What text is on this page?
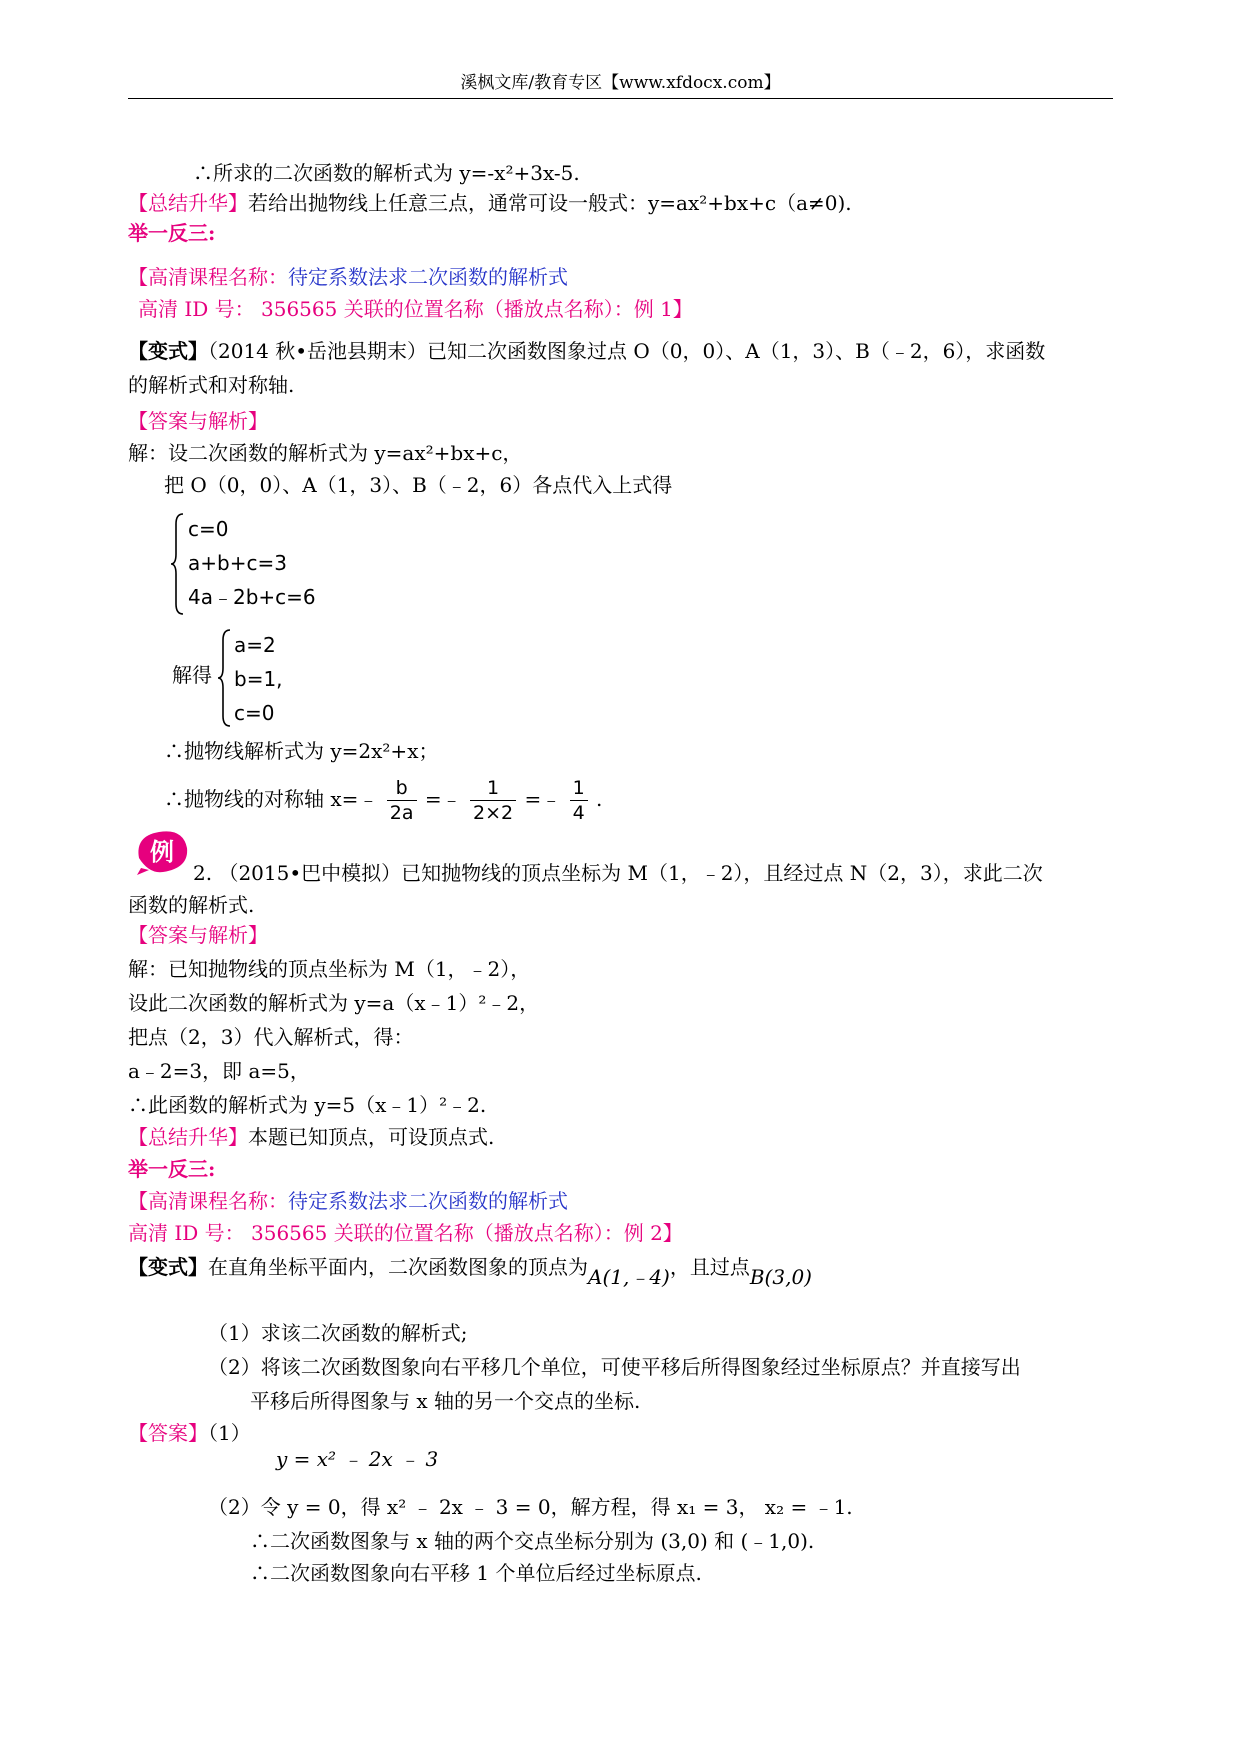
溪枫文库/教育专区【www.xfdocx.com】
∴所求的二次函数的解析式为 y=-x²+3x-5.
【总结升华】若给出抛物线上任意三点，通常可设一般式：y=ax²+bx+c（a≠0).
举一反三:
【高清课程名称：待定系数法求二次函数的解析式
高清 ID 号： 356565 关联的位置名称（播放点名称）：例 1】
【变式】（2014 秋•岳池县期末）已知二次函数图象过点 O（0，0）、A（1，3）、B（﹣2，6），求函数
的解析式和对称轴.
【答案与解析】
解：设二次函数的解析式为 y=ax²+bx+c，
把 O（0，0）、A（1，3）、B（﹣2，6）各点代入上式得
c=0
a+b+c=3
4a﹣2b+c=6
解得
a=2
b=1,
c=0
∴抛物线解析式为 y=2x²+x；
∴抛物线的对称轴 x=﹣ $\frac{b}{2a}$ =﹣ $\frac{1}{2\times 2}$ =﹣ $\frac{1}{4}$ .
例
2. （2015•巴中模拟）已知抛物线的顶点坐标为 M（1，﹣2），且经过点 N（2，3），求此二次
函数的解析式.
【答案与解析】
解：已知抛物线的顶点坐标为 M（1，﹣2），
设此二次函数的解析式为 y=a（x﹣1）²﹣2，
把点（2，3）代入解析式，得：
a﹣2=3，即 a=5，
∴此函数的解析式为 y=5（x﹣1）²﹣2.
【总结升华】本题已知顶点，可设顶点式.
举一反三:
【高清课程名称：待定系数法求二次函数的解析式
高清 ID 号： 356565 关联的位置名称（播放点名称）：例 2】
【变式】在直角坐标平面内，二次函数图象的顶点为A(1,﹣4)，且过点B(3,0)
（1）求该二次函数的解析式;
（2）将该二次函数图象向右平移几个单位，可使平移后所得图象经过坐标原点？并直接写出
平移后所得图象与 x 轴的另一个交点的坐标.
【答案】（1）
y = x² ﹣ 2x ﹣ 3
（2）令 y = 0，得 x² ﹣ 2x ﹣ 3 = 0，解方程，得 x₁ = 3， x₂ = ﹣1.
∴二次函数图象与 x 轴的两个交点坐标分别为 (3,0) 和 (﹣1,0).
∴二次函数图象向右平移 1 个单位后经过坐标原点.
